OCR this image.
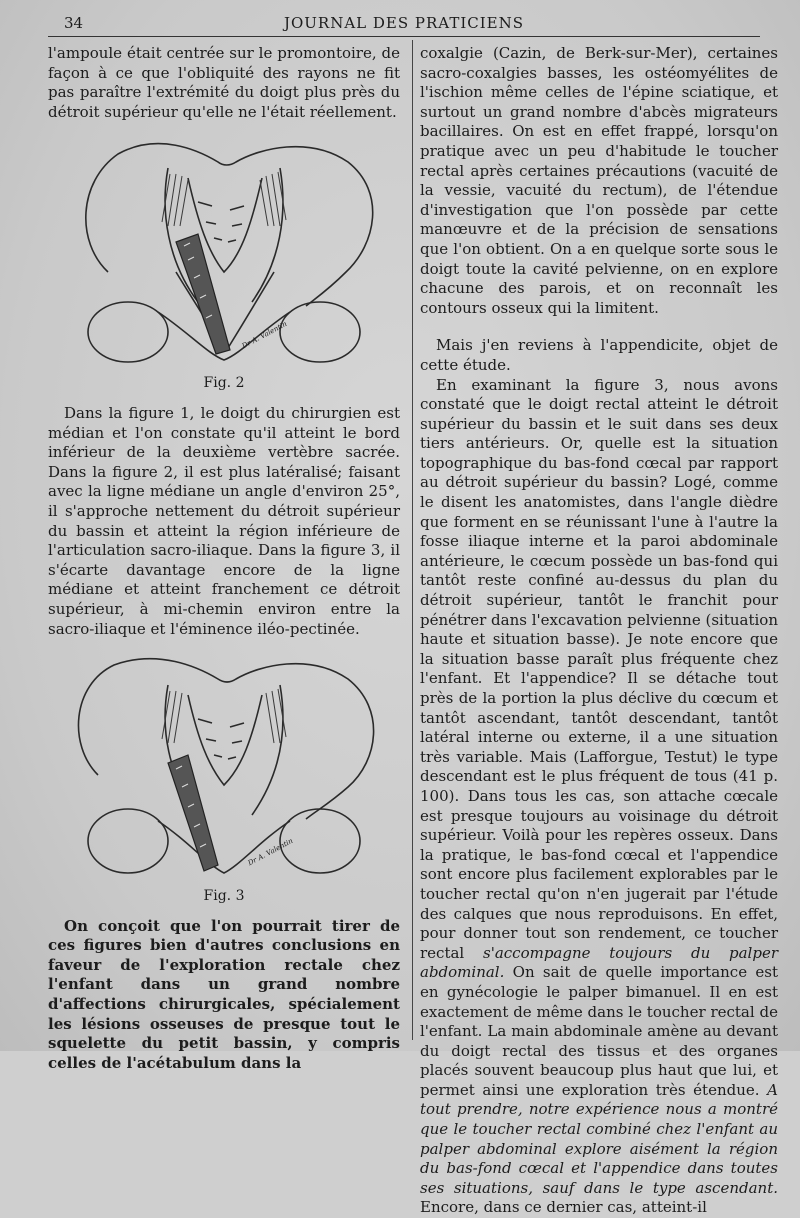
34	JOURNAL DES PRATICIENS

l'ampoule était centrée sur le promontoire, de façon à ce que l'obliquité des rayons ne fit pas paraître l'extrémité du doigt plus près du détroit supérieur qu'elle ne l'était réellement.

Dr A. Valentin
Fig. 2

Dans la figure 1, le doigt du chirurgien est médian et l'on constate qu'il atteint le bord inférieur de la deuxième vertèbre sacrée. Dans la figure 2, il est plus latéralisé; faisant avec la ligne médiane un angle d'environ 25°, il s'approche nettement du détroit supérieur du bassin et atteint la région inférieure de l'articulation sacro-iliaque. Dans la figure 3, il s'écarte davantage encore de la ligne médiane et atteint franchement ce détroit supérieur, à mi-chemin environ entre la sacro-iliaque et l'éminence iléo-pectinée.

Dr A. Valentin
Fig. 3

On conçoit que l'on pourrait tirer de ces figures bien d'autres conclusions en faveur de l'exploration rectale chez l'enfant dans un grand nombre d'affections chirurgicales, spécialement les lésions osseuses de presque tout le squelette du petit bassin, y compris celles de l'acétabulum dans la

coxalgie (Cazin, de Berk-sur-Mer), certaines sacro-coxalgies basses, les ostéomyélites de l'ischion même celles de l'épine sciatique, et surtout un grand nombre d'abcès migrateurs bacillaires. On est en effet frappé, lorsqu'on pratique avec un peu d'habitude le toucher rectal après certaines précautions (vacuité de la vessie, vacuité du rectum), de l'étendue d'investigation que l'on possède par cette manœuvre et de la précision de sensations que l'on obtient. On a en quelque sorte sous le doigt toute la cavité pelvienne, on en explore chacune des parois, et on reconnaît les contours osseux qui la limitent.

Mais j'en reviens à l'appendicite, objet de cette étude.

En examinant la figure 3, nous avons constaté que le doigt rectal atteint le détroit supérieur du bassin et le suit dans ses deux tiers antérieurs. Or, quelle est la situation topographique du bas-fond cœcal par rapport au détroit supérieur du bassin? Logé, comme le disent les anatomistes, dans l'angle dièdre que forment en se réunissant l'une à l'autre la fosse iliaque interne et la paroi abdominale antérieure, le cœcum possède un bas-fond qui tantôt reste confiné au-dessus du plan du détroit supérieur, tantôt le franchit pour pénétrer dans l'excavation pelvienne (situation haute et situation basse). Je note encore que la situation basse paraît plus fréquente chez l'enfant. Et l'appendice? Il se détache tout près de la portion la plus déclive du cœcum et tantôt ascendant, tantôt descendant, tantôt latéral interne ou externe, il a une situation très variable. Mais (Lafforgue, Testut) le type descendant est le plus fréquent de tous (41 p. 100). Dans tous les cas, son attache cœcale est presque toujours au voisinage du détroit supérieur. Voilà pour les repères osseux. Dans la pratique, le bas-fond cœcal et l'appendice sont encore plus facilement explorables par le toucher rectal qu'on n'en jugerait par l'étude des calques que nous reproduisons. En effet, pour donner tout son rendement, ce toucher rectal s'accompagne toujours du palper abdominal. On sait de quelle importance est en gynécologie le palper bimanuel. Il en est exactement de même dans le toucher rectal de l'enfant. La main abdominale amène au devant du doigt rectal des tissus et des organes placés souvent beaucoup plus haut que lui, et permet ainsi une exploration très étendue. A tout prendre, notre expérience nous a montré que le toucher rectal combiné chez l'enfant au palper abdominal explore aisément la région du bas-fond cœcal et l'appendice dans toutes ses situations, sauf dans le type ascendant. Encore, dans ce dernier cas, atteint-il
